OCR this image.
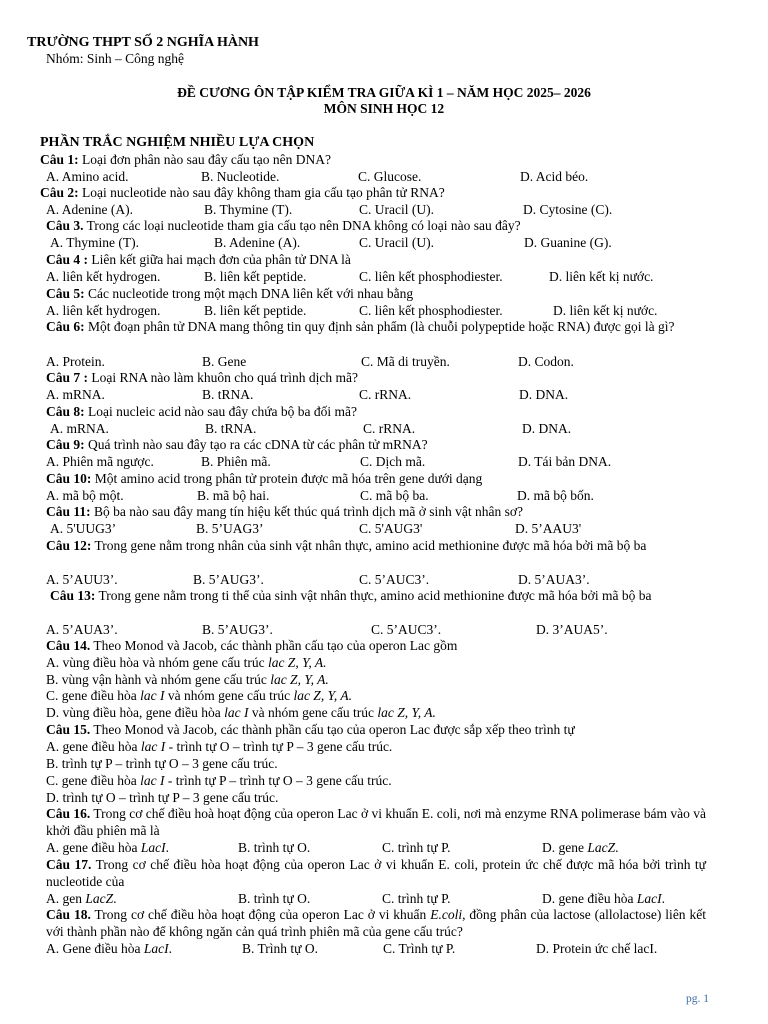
TRƯỜNG THPT SỐ 2 NGHĨA HÀNH
Nhóm: Sinh – Công nghệ
ĐỀ CƯƠNG ÔN TẬP KIỂM TRA GIỮA KÌ 1 – NĂM HỌC 2025– 2026
MÔN SINH HỌC 12
PHẦN TRẮC NGHIỆM NHIỀU LỰA CHỌN
Câu 1: Loại đơn phân nào sau đây cấu tạo nên DNA?
A. Amino acid.	B. Nucleotide.	C. Glucose.	D. Acid béo.
Câu 2: Loại nucleotide nào sau đây không tham gia cấu tạo phân tử RNA?
A. Adenine (A).	B. Thymine (T).	C. Uracil (U).	D. Cytosine (C).
Câu 3. Trong các loại nucleotide tham gia cấu tạo nên DNA không có loại nào sau đây?
A. Thymine (T).	B. Adenine (A).	C. Uracil (U).	D. Guanine (G).
Câu 4 : Liên kết giữa hai mạch đơn của phân tử DNA là
A. liên kết hydrogen.	B. liên kết peptide.	C. liên kết phosphodiester.	D. liên kết kị nước.
Câu 5: Các nucleotide trong một mạch DNA liên kết với nhau bằng
A. liên kết hydrogen.	B. liên kết peptide.	C. liên kết phosphodiester.	D. liên kết kị nước.
Câu 6: Một đoạn phân tử DNA mang thông tin quy định sản phẩm (là chuỗi polypeptide hoặc RNA) được gọi là gì?
A. Protein.	B. Gene	C. Mã di truyền.	D. Codon.
Câu 7 : Loại RNA nào làm khuôn cho quá trình dịch mã?
A. mRNA.	B. tRNA.	C. rRNA.	D. DNA.
Câu 8: Loại nucleic acid nào sau đây chứa bộ ba đối mã?
A. mRNA.	B. tRNA.	C. rRNA.	D. DNA.
Câu 9: Quá trình nào sau đây tạo ra các cDNA từ các phân tử mRNA?
A. Phiên mã ngược.	B. Phiên mã.	C. Dịch mã.	D. Tái bản DNA.
Câu 10: Một amino acid trong phân tử protein được mã hóa trên gene dưới dạng
A. mã bộ một.	B. mã bộ hai.	C. mã bộ ba.	D. mã bộ bốn.
Câu 11: Bộ ba nào sau đây mang tín hiệu kết thúc quá trình dịch mã ở sinh vật nhân sơ?
A. 5'UUG3’	B. 5’UAG3’	C. 5'AUG3'	D. 5’AAU3'
Câu 12: Trong gene nằm trong nhân của sinh vật nhân thực, amino acid methionine được mã hóa bởi mã bộ ba
A. 5’AUU3’.	B. 5’AUG3’.	C. 5’AUC3’.	D. 5’AUA3’.
Câu 13: Trong gene nằm trong ti thể của sinh vật nhân thực, amino acid methionine được mã hóa bởi mã bộ ba
A. 5’AUA3’.	B. 5’AUG3’.	C. 5’AUC3’.	D. 3’AUA5’.
Câu 14. Theo Monod và Jacob, các thành phần cấu tạo của operon Lac gồm
A. vùng điều hòa và nhóm gene cấu trúc lac Z, Y, A.
B. vùng vận hành và nhóm gene cấu trúc lac Z, Y, A.
C. gene điều hòa lac I và nhóm gene cấu trúc lac Z, Y, A.
D. vùng điều hòa, gene điều hòa lac I và nhóm gene cấu trúc lac Z, Y, A.
Câu 15. Theo Monod và Jacob, các thành phần cấu tạo của operon Lac được sắp xếp theo trình tự
A. gene điều hòa lac I - trình tự O – trình tự P – 3 gene cấu trúc.
B. trình tự P – trình tự O – 3 gene cấu trúc.
C. gene điều hòa lac I - trình tự P – trình tự O – 3 gene cấu trúc.
D. trình tự O – trình tự P – 3 gene cấu trúc.
Câu 16. Trong cơ chế điều hoà hoạt động của operon Lac ở vi khuẩn E. coli, nơi mà enzyme RNA polimerase bám vào và khởi đầu phiên mã là
A. gene điều hòa LacI.	B. trình tự O.	C. trình tự P.	D. gene LacZ.
Câu 17. Trong cơ chế điều hòa hoạt động của operon Lac ở vi khuẩn E. coli, protein ức chế được mã hóa bởi trình tự nucleotide của
A. gen LacZ.	B. trình tự O.	C. trình tự P.	D. gene điều hòa LacI.
Câu 18. Trong cơ chế điều hòa hoạt động của operon Lac ở vi khuẩn E.coli, đồng phân của lactose (allolactose) liên kết với thành phần nào để không ngăn cản quá trình phiên mã của gene cấu trúc?
A. Gene điều hòa LacI.	B. Trình tự O.	C. Trình tự P.	D. Protein ức chế lacI.
pg. 1
